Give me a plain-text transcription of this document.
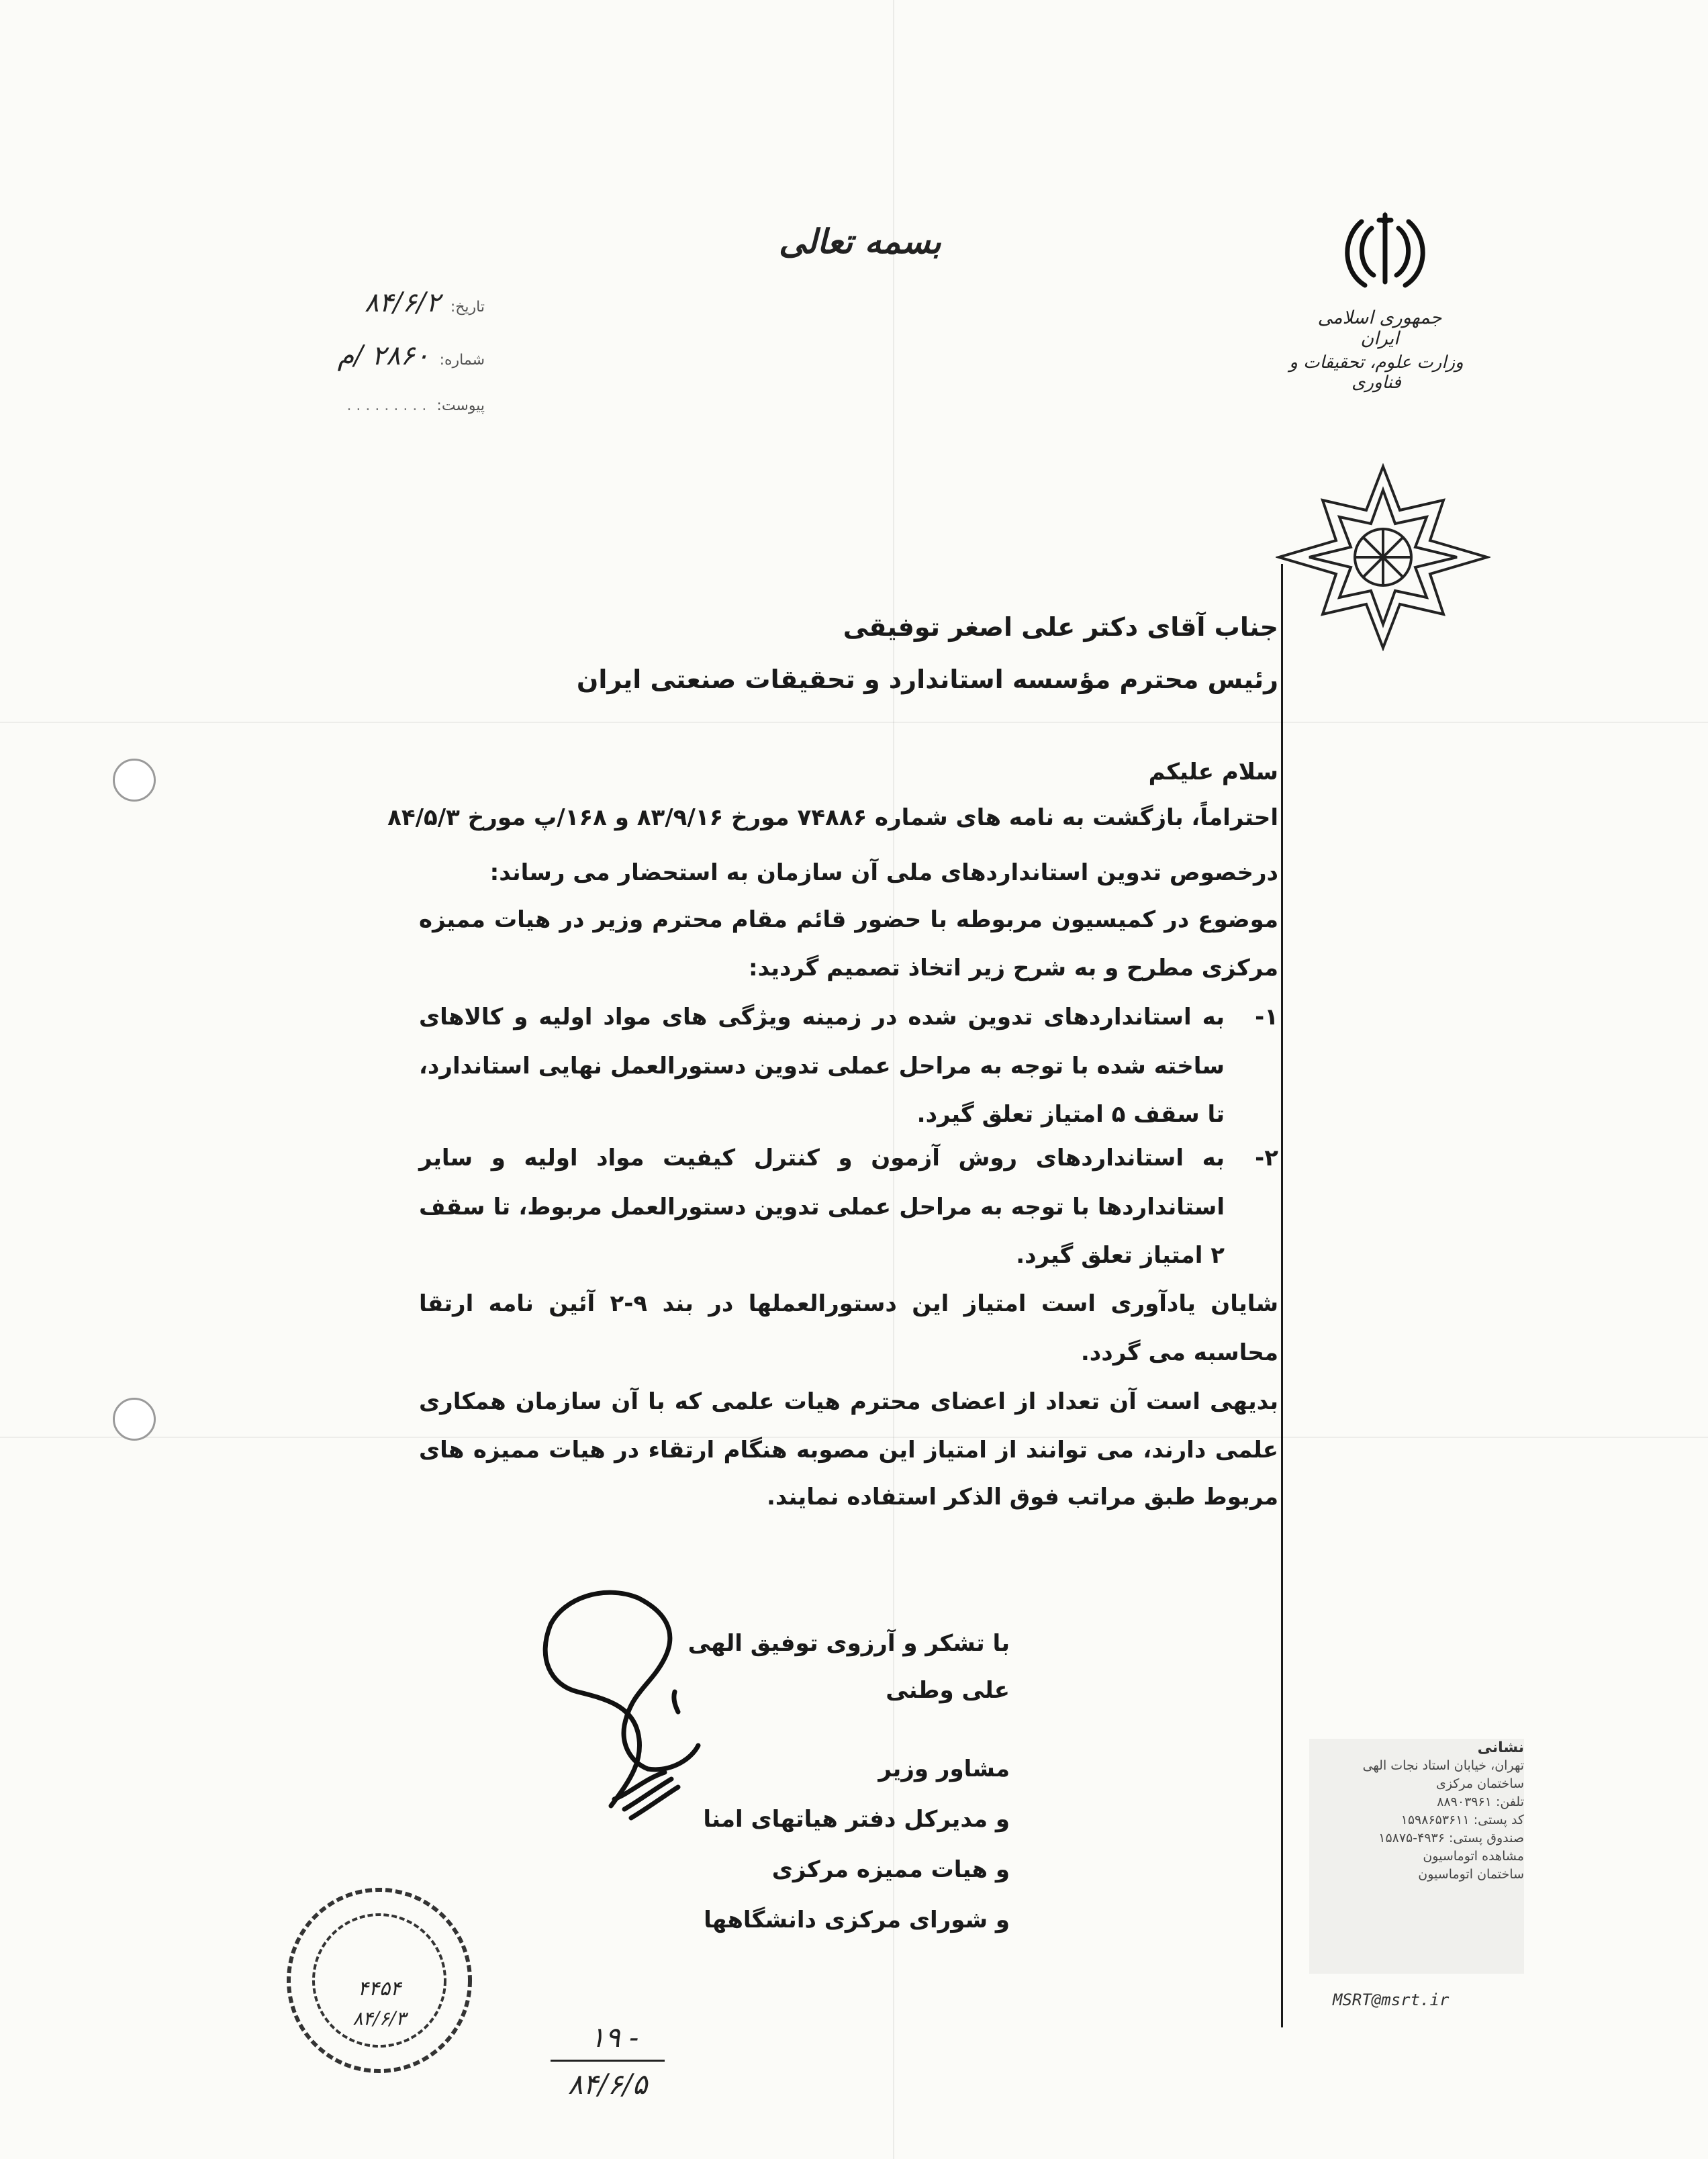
بسمه تعالی
جمهوری اسلامی ایران
وزارت علوم، تحقیقات و فناوری
تاریخ: ۸۴/۶/۲
شماره: ۲۸۶۰ /م
پیوست: . . . . . . . . .
جناب آقای دکتر علی اصغر توفیقی
رئیس محترم مؤسسه استاندارد و تحقیقات صنعتی ایران
سلام علیکم
احتراماً، بازگشت به نامه های شماره ۷۴۸۸۶ مورخ ۸۳/۹/۱۶ و ۱۶۸/پ مورخ ۸۴/۵/۳
درخصوص تدوین استانداردهای ملی آن سازمان به استحضار می رساند:
موضوع در کمیسیون مربوطه با حضور قائم مقام محترم وزیر در هیات ممیزه
مرکزی مطرح و به شرح زیر اتخاذ تصمیم گردید:
۱-
به استانداردهای تدوین شده در زمینه ویژگی های مواد اولیه و کالاهای
ساخته شده با توجه به مراحل عملی تدوین دستورالعمل نهایی استاندارد،
تا سقف ۵ امتیاز تعلق گیرد.
۲-
به استانداردهای روش آزمون و کنترل کیفیت مواد اولیه و سایر
استانداردها با توجه به مراحل عملی تدوین دستورالعمل مربوط، تا سقف
۲ امتیاز تعلق گیرد.
شایان یادآوری است امتیاز این دستورالعملها در بند ۹-۲ آئین نامه ارتقا
محاسبه می گردد.
بدیهی است آن تعداد از اعضای محترم هیات علمی که با آن سازمان همکاری
علمی دارند، می توانند از امتیاز این مصوبه هنگام ارتقاء در هیات ممیزه های
مربوط طبق مراتب فوق الذکر استفاده نمایند.
با تشکر و آرزوی توفیق الهی
علی وطنی
مشاور وزیر
و مدیرکل دفتر هیاتهای امنا
و هیات ممیزه مرکزی
و شورای مرکزی دانشگاهها
۴۴۵۴
۸۴/۶/۳
نشانی
تهران، خیابان استاد نجات الهی
ساختمان مرکزی
تلفن: ۸۸۹۰۳۹۶۱
کد پستی: ۱۵۹۸۶۵۳۶۱۱
صندوق پستی: ۴۹۳۶-۱۵۸۷۵
مشاهده اتوماسیون
ساختمان اتوماسیون
MSRT@msrt.ir
۱۹ -
۸۴/۶/۵
